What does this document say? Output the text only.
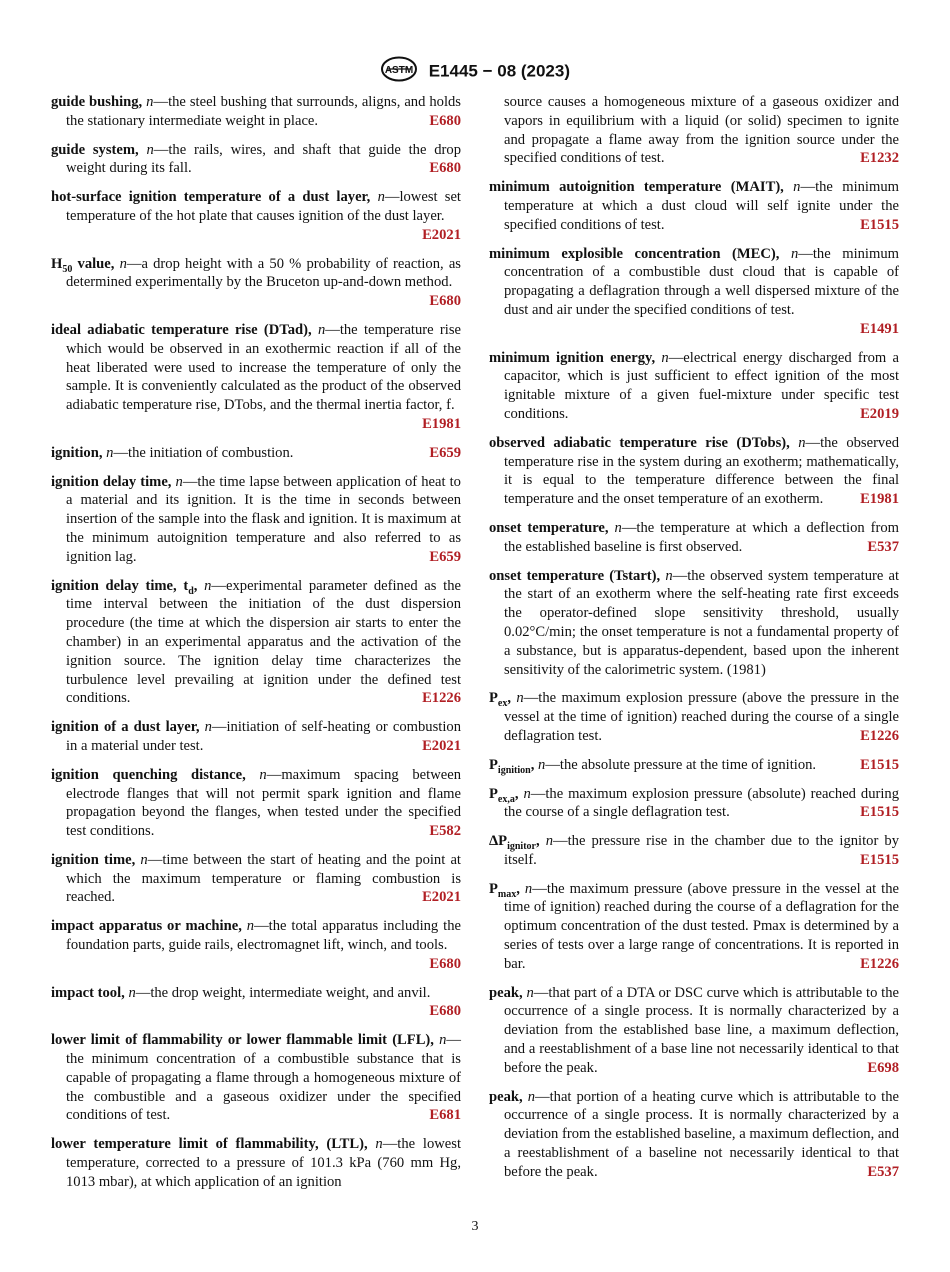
ASTM E1445 − 08 (2023)
guide bushing, n—the steel bushing that surrounds, aligns, and holds the stationary intermediate weight in place.	E680
guide system, n—the rails, wires, and shaft that guide the drop weight during its fall.	E680
hot-surface ignition temperature of a dust layer, n—lowest set temperature of the hot plate that causes ignition of the dust layer.
E2021
$H_{50}$ value, n—a drop height with a 50 % probability of reaction, as determined experimentally by the Bruceton up-and-down method.
E680
ideal adiabatic temperature rise (DTad), n—the temperature rise which would be observed in an exothermic reaction if all of the heat liberated were used to increase the temperature of only the sample. It is conveniently calculated as the product of the observed adiabatic temperature rise, DTobs, and the thermal inertia factor, f.
E1981
ignition, n—the initiation of combustion.	E659
ignition delay time, n—the time lapse between application of heat to a material and its ignition. It is the time in seconds between insertion of the sample into the flask and ignition. It is maximum at the minimum autoignition temperature and also referred to as ignition lag.	E659
ignition delay time, $t_d$, n—experimental parameter defined as the time interval between the initiation of the dust dispersion procedure (the time at which the dispersion air starts to enter the chamber) in an experimental apparatus and the activation of the ignition source. The ignition delay time characterizes the turbulence level prevailing at ignition under the defined test conditions.	E1226
ignition of a dust layer, n—initiation of self-heating or combustion in a material under test.	E2021
ignition quenching distance, n—maximum spacing between electrode flanges that will not permit spark ignition and flame propagation beyond the flanges, when tested under the specified test conditions.	E582
ignition time, n—time between the start of heating and the point at which the maximum temperature or flaming combustion is reached.	E2021
impact apparatus or machine, n—the total apparatus including the foundation parts, guide rails, electromagnet lift, winch, and tools.
E680
impact tool, n—the drop weight, intermediate weight, and anvil.
E680
lower limit of flammability or lower flammable limit (LFL), n—the minimum concentration of a combustible substance that is capable of propagating a flame through a homogeneous mixture of the combustible and a gaseous oxidizer under the specified conditions of test.	E681
lower temperature limit of flammability, (LTL), n—the lowest temperature, corrected to a pressure of 101.3 kPa (760 mm Hg, 1013 mbar), at which application of an ignition
source causes a homogeneous mixture of a gaseous oxidizer and vapors in equilibrium with a liquid (or solid) specimen to ignite and propagate a flame away from the ignition source under the specified conditions of test.	E1232
minimum autoignition temperature (MAIT), n—the minimum temperature at which a dust cloud will self ignite under the specified conditions of test.	E1515
minimum explosible concentration (MEC), n—the minimum concentration of a combustible dust cloud that is capable of propagating a deflagration through a well dispersed mixture of the dust and air under the specified conditions of test.
E1491
minimum ignition energy, n—electrical energy discharged from a capacitor, which is just sufficient to effect ignition of the most ignitable mixture of a given fuel-mixture under specific test conditions.	E2019
observed adiabatic temperature rise (DTobs), n—the observed temperature rise in the system during an exotherm; mathematically, it is equal to the temperature difference between the final temperature and the onset temperature of an exotherm.	E1981
onset temperature, n—the temperature at which a deflection from the established baseline is first observed.	E537
onset temperature (Tstart), n—the observed system temperature at the start of an exotherm where the self-heating rate first exceeds the operator-defined slope sensitivity threshold, usually 0.02°C/min; the onset temperature is not a fundamental property of a substance, but is apparatus-dependent, based upon the inherent sensitivity of the calorimetric system. (1981)
$P_{ex}$, n—the maximum explosion pressure (above the pressure in the vessel at the time of ignition) reached during the course of a single deflagration test.	E1226
$P_{ignition}$, n—the absolute pressure at the time of ignition.	E1515
$P_{ex,a}$, n—the maximum explosion pressure (absolute) reached during the course of a single deflagration test.	E1515
$\Delta P_{ignitor}$, n—the pressure rise in the chamber due to the ignitor by itself.	E1515
$P_{max}$, n—the maximum pressure (above pressure in the vessel at the time of ignition) reached during the course of a deflagration for the optimum concentration of the dust tested. Pmax is determined by a series of tests over a large range of concentrations. It is reported in bar.	E1226
peak, n—that part of a DTA or DSC curve which is attributable to the occurrence of a single process. It is normally characterized by a deviation from the established base line, a maximum deflection, and a reestablishment of a base line not necessarily identical to that before the peak.	E698
peak, n—that portion of a heating curve which is attributable to the occurrence of a single process. It is normally characterized by a deviation from the established baseline, a maximum deflection, and a reestablishment of a baseline not necessarily identical to that before the peak.	E537
3
